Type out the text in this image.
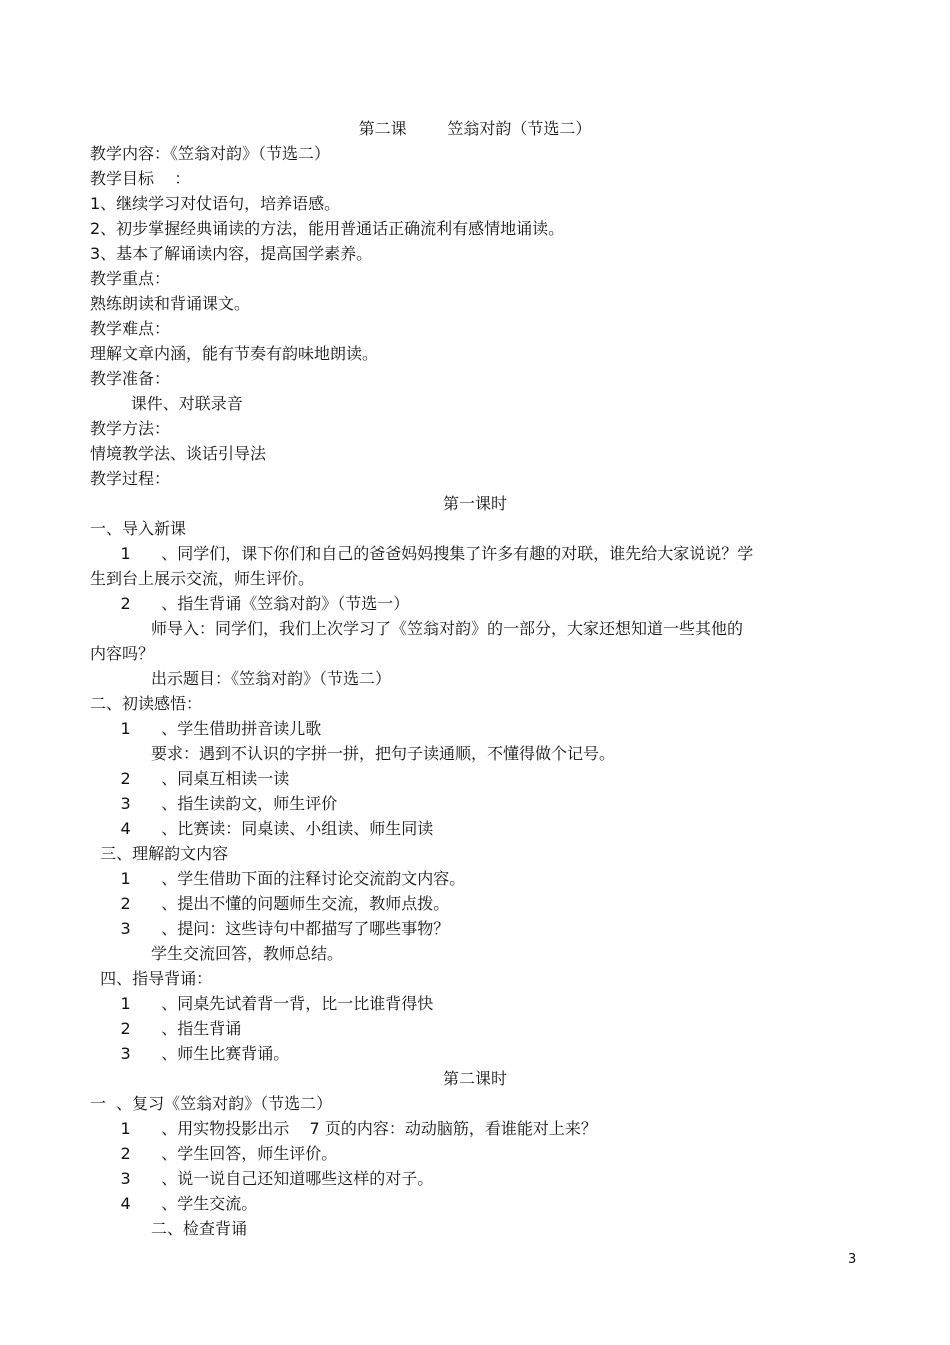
第二课        笠翁对韵（节选二）
教学内容：《笠翁对韵》（节选二）
教学目标    ：
1、继续学习对仗语句，培养语感。
2、初步掌握经典诵读的方法，能用普通话正确流利有感情地诵读。
3、基本了解诵读内容，提高国学素养。
教学重点：
熟练朗读和背诵课文。
教学难点：
理解文章内涵，能有节奏有韵味地朗读。
教学准备：
课件、对联录音
教学方法：
情境教学法、谈话引导法
教学过程：
第一课时
一、导入新课
1      、同学们，课下你们和自己的爸爸妈妈搜集了许多有趣的对联，谁先给大家说说？学
生到台上展示交流，师生评价。
2      、指生背诵《笠翁对韵》（节选一）
师导入：同学们，我们上次学习了《笠翁对韵》的一部分，大家还想知道一些其他的
内容吗？
出示题目：《笠翁对韵》（节选二）
二、初读感悟：
1      、学生借助拼音读儿歌
要求：遇到不认识的字拼一拼，把句子读通顺，不懂得做个记号。
2      、同桌互相读一读
3      、指生读韵文，师生评价
4      、比赛读：同桌读、小组读、师生同读
三、理解韵文内容
1      、学生借助下面的注释讨论交流韵文内容。
2      、提出不懂的问题师生交流，教师点拨。
3      、提问：这些诗句中都描写了哪些事物？
学生交流回答，教师总结。
四、指导背诵：
1      、同桌先试着背一背，比一比谁背得快
2      、指生背诵
3      、师生比赛背诵。
第二课时
一  、复习《笠翁对韵》（节选二）
1      、用实物投影出示    7 页的内容：动动脑筋，看谁能对上来？
2      、学生回答，师生评价。
3      、说一说自己还知道哪些这样的对子。
4      、学生交流。
二、检查背诵
3
